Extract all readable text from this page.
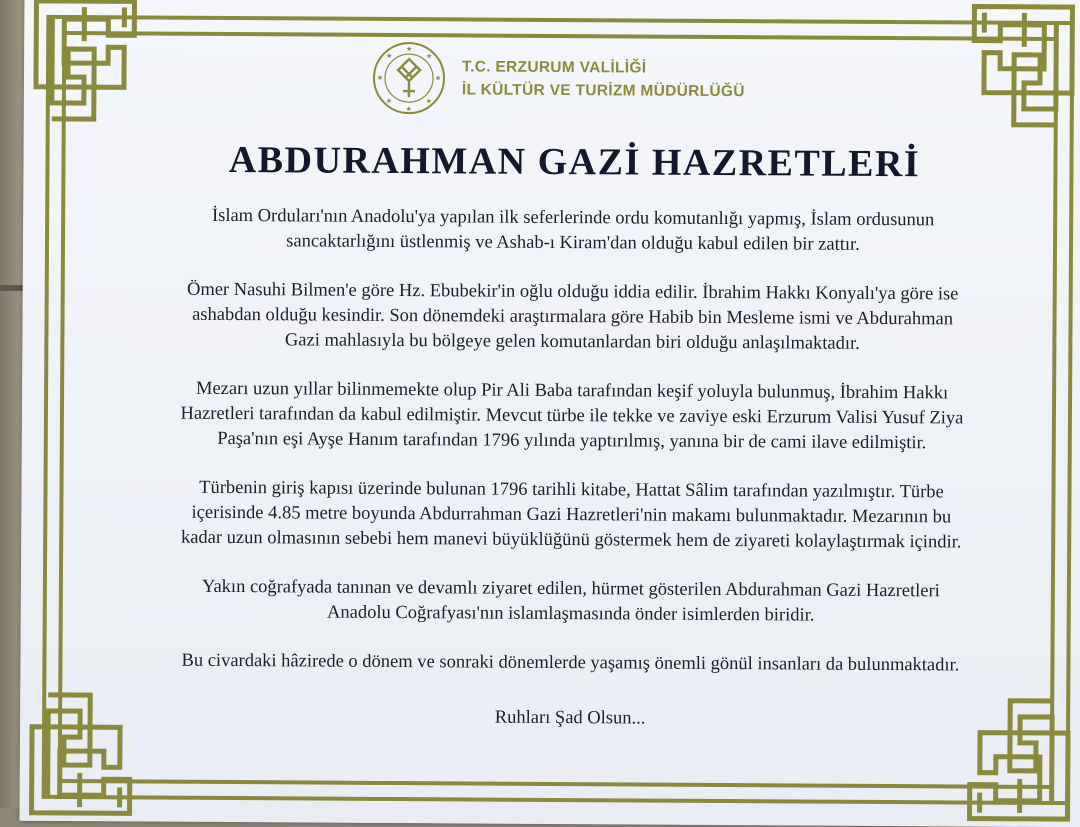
★
★
★
★
★
★
★
★
T.C. ERZURUM VALİLİĞİ
İL KÜLTÜR VE TURİZM MÜDÜRLÜĞÜ
ABDURAHMAN GAZİ HAZRETLERİ

İslam Orduları'nın Anadolu'ya yapılan ilk seferlerinde ordu komutanlığı yapmış, İslam ordusunun
sancaktarlığını üstlenmiş ve Ashab-ı Kiram'dan olduğu kabul edilen bir zattır.

Ömer Nasuhi Bilmen'e göre Hz. Ebubekir'in oğlu olduğu iddia edilir. İbrahim Hakkı Konyalı'ya göre ise
ashabdan olduğu kesindir. Son dönemdeki araştırmalara göre Habib bin Mesleme ismi ve Abdurahman
Gazi mahlasıyla bu bölgeye gelen komutanlardan biri olduğu anlaşılmaktadır.

Mezarı uzun yıllar bilinmemekte olup Pir Ali Baba tarafından keşif yoluyla bulunmuş, İbrahim Hakkı
Hazretleri tarafından da kabul edilmiştir. Mevcut türbe ile tekke ve zaviye eski Erzurum Valisi Yusuf Ziya
Paşa'nın eşi Ayşe Hanım tarafından 1796 yılında yaptırılmış, yanına bir de cami ilave edilmiştir.

Türbenin giriş kapısı üzerinde bulunan 1796 tarihli kitabe, Hattat Sâlim tarafından yazılmıştır. Türbe
içerisinde 4.85 metre boyunda Abdurrahman Gazi Hazretleri'nin makamı bulunmaktadır. Mezarının bu
kadar uzun olmasının sebebi hem manevi büyüklüğünü göstermek hem de ziyareti kolaylaştırmak içindir.

Yakın coğrafyada tanınan ve devamlı ziyaret edilen, hürmet gösterilen Abdurahman Gazi Hazretleri
Anadolu Coğrafyası'nın islamlaşmasında önder isimlerden biridir.

Bu civardaki hâzirede o dönem ve sonraki dönemlerde yaşamış önemli gönül insanları da bulunmaktadır.

Ruhları Şad Olsun...
